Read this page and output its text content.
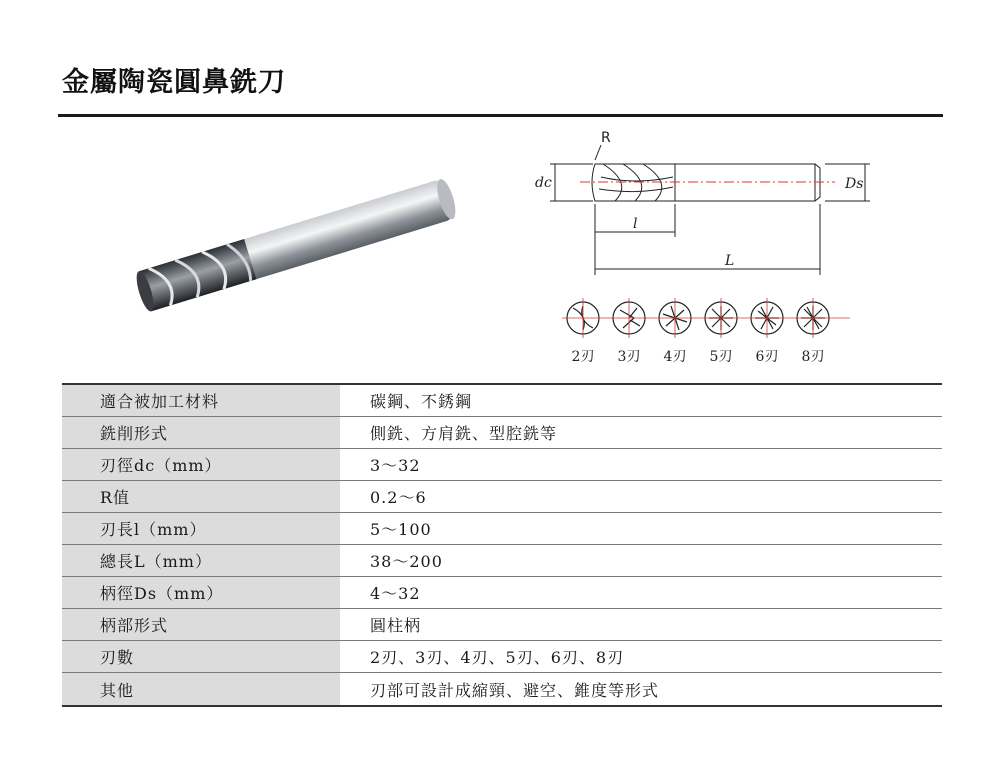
金屬陶瓷圓鼻銑刀
R
dc	Ds
l
L
2刃	3刃	4刃	5刃	6刃	8刃
適合被加工材料	碳鋼、不銹鋼
銑削形式	側銑、方肩銑、型腔銑等
刃徑dc（mm）	3～32
R值	0.2～6
刃長l（mm）	5～100
總長L（mm）	38～200
柄徑Ds（mm）	4～32
柄部形式	圓柱柄
刃數	2刃、3刃、4刃、5刃、6刃、8刃
其他	刃部可設計成縮頸、避空、錐度等形式
